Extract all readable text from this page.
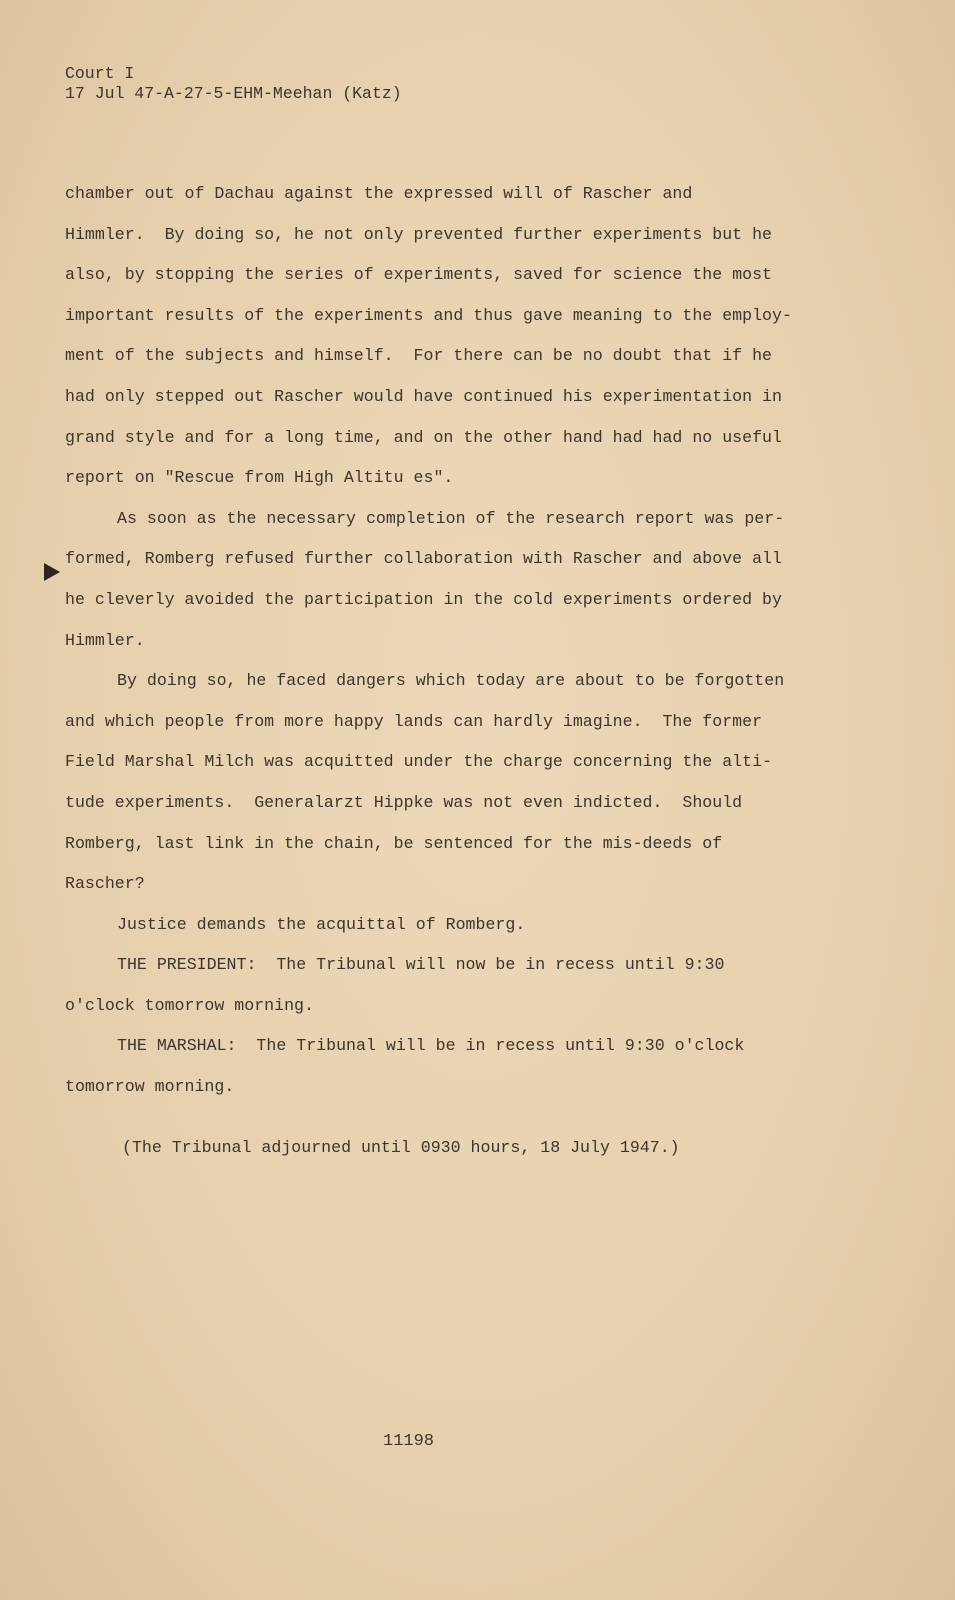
Court I
17 Jul 47-A-27-5-EHM-Meehan (Katz)
chamber out of Dachau against the expressed will of Rascher and
Himmler.  By doing so, he not only prevented further experiments but he
also, by stopping the series of experiments, saved for science the most
important results of the experiments and thus gave meaning to the employ-
ment of the subjects and himself.  For there can be no doubt that if he
had only stepped out Rascher would have continued his experimentation in
grand style and for a long time, and on the other hand had had no useful
report on "Rescue from High Altitu es".
As soon as the necessary completion of the research report was per-
formed, Romberg refused further collaboration with Rascher and above all
he cleverly avoided the participation in the cold experiments ordered by
Himmler.
By doing so, he faced dangers which today are about to be forgotten
and which people from more happy lands can hardly imagine.  The former
Field Marshal Milch was acquitted under the charge concerning the alti-
tude experiments.  Generalarzt Hippke was not even indicted.  Should
Romberg, last link in the chain, be sentenced for the mis-deeds of
Rascher?
Justice demands the acquittal of Romberg.
THE PRESIDENT:  The Tribunal will now be in recess until 9:30
o'clock tomorrow morning.
THE MARSHAL:  The Tribunal will be in recess until 9:30 o'clock
tomorrow morning.
(The Tribunal adjourned until 0930 hours, 18 July 1947.)
11198
